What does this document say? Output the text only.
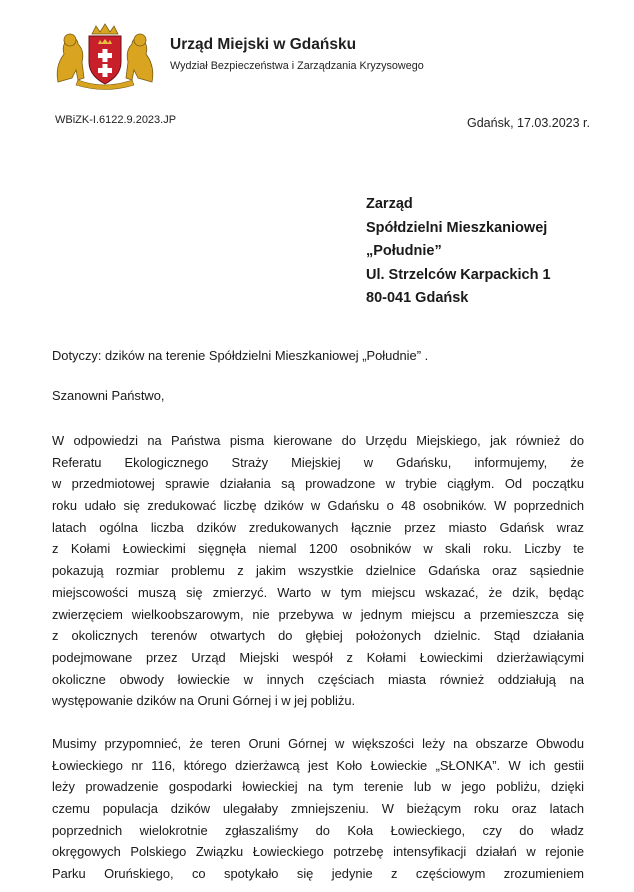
Urząd Miejski w Gdańsku
Wydział Bezpieczeństwa i Zarządzania Kryzysowego
WBiZK-I.6122.9.2023.JP	Gdańsk, 17.03.2023 r.
Zarząd
Spółdzielni Mieszkaniowej
„Południe”
Ul. Strzelców Karpackich 1
80-041 Gdańsk
Dotyczy: dzików na terenie Spółdzielni Mieszkaniowej „Południe” .
Szanowni Państwo,
W odpowiedzi na Państwa pisma kierowane do Urzędu Miejskiego, jak również do
Referatu Ekologicznego Straży Miejskiej w Gdańsku, informujemy, że
w przedmiotowej sprawie działania są prowadzone w trybie ciągłym. Od początku
roku udało się zredukować liczbę dzików w Gdańsku o 48 osobników. W poprzednich
latach ogólna liczba dzików zredukowanych łącznie przez miasto Gdańsk wraz
z Kołami Łowieckimi sięgnęła niemal 1200 osobników w skali roku. Liczby te
pokazują rozmiar problemu z jakim wszystkie dzielnice Gdańska oraz sąsiednie
miejscowości muszą się zmierzyć. Warto w tym miejscu wskazać, że dzik, będąc
zwierzęciem wielkoobszarowym, nie przebywa w jednym miejscu a przemieszcza się
z okolicznych terenów otwartych do głębiej położonych dzielnic. Stąd działania
podejmowane przez Urząd Miejski wespół z Kołami Łowieckimi dzierżawiącymi
okoliczne obwody łowieckie w innych częściach miasta również oddziałują na
występowanie dzików na Oruni Górnej i w jej pobliżu.
Musimy przypomnieć, że teren Oruni Górnej w większości leży na obszarze Obwodu
Łowieckiego nr 116, którego dzierżawcą jest Koło Łowieckie „SŁONKA”. W ich gestii
leży prowadzenie gospodarki łowieckiej na tym terenie lub w jego pobliżu, dzięki
czemu populacja dzików ulegałaby zmniejszeniu. W bieżącym roku oraz latach
poprzednich wielokrotnie zgłaszaliśmy do Koła Łowieckiego, czy do władz
okręgowych Polskiego Związku Łowieckiego potrzebę intensyfikacji działań w rejonie
Parku Oruńskiego, co spotykało się jedynie z częściowym zrozumieniem
